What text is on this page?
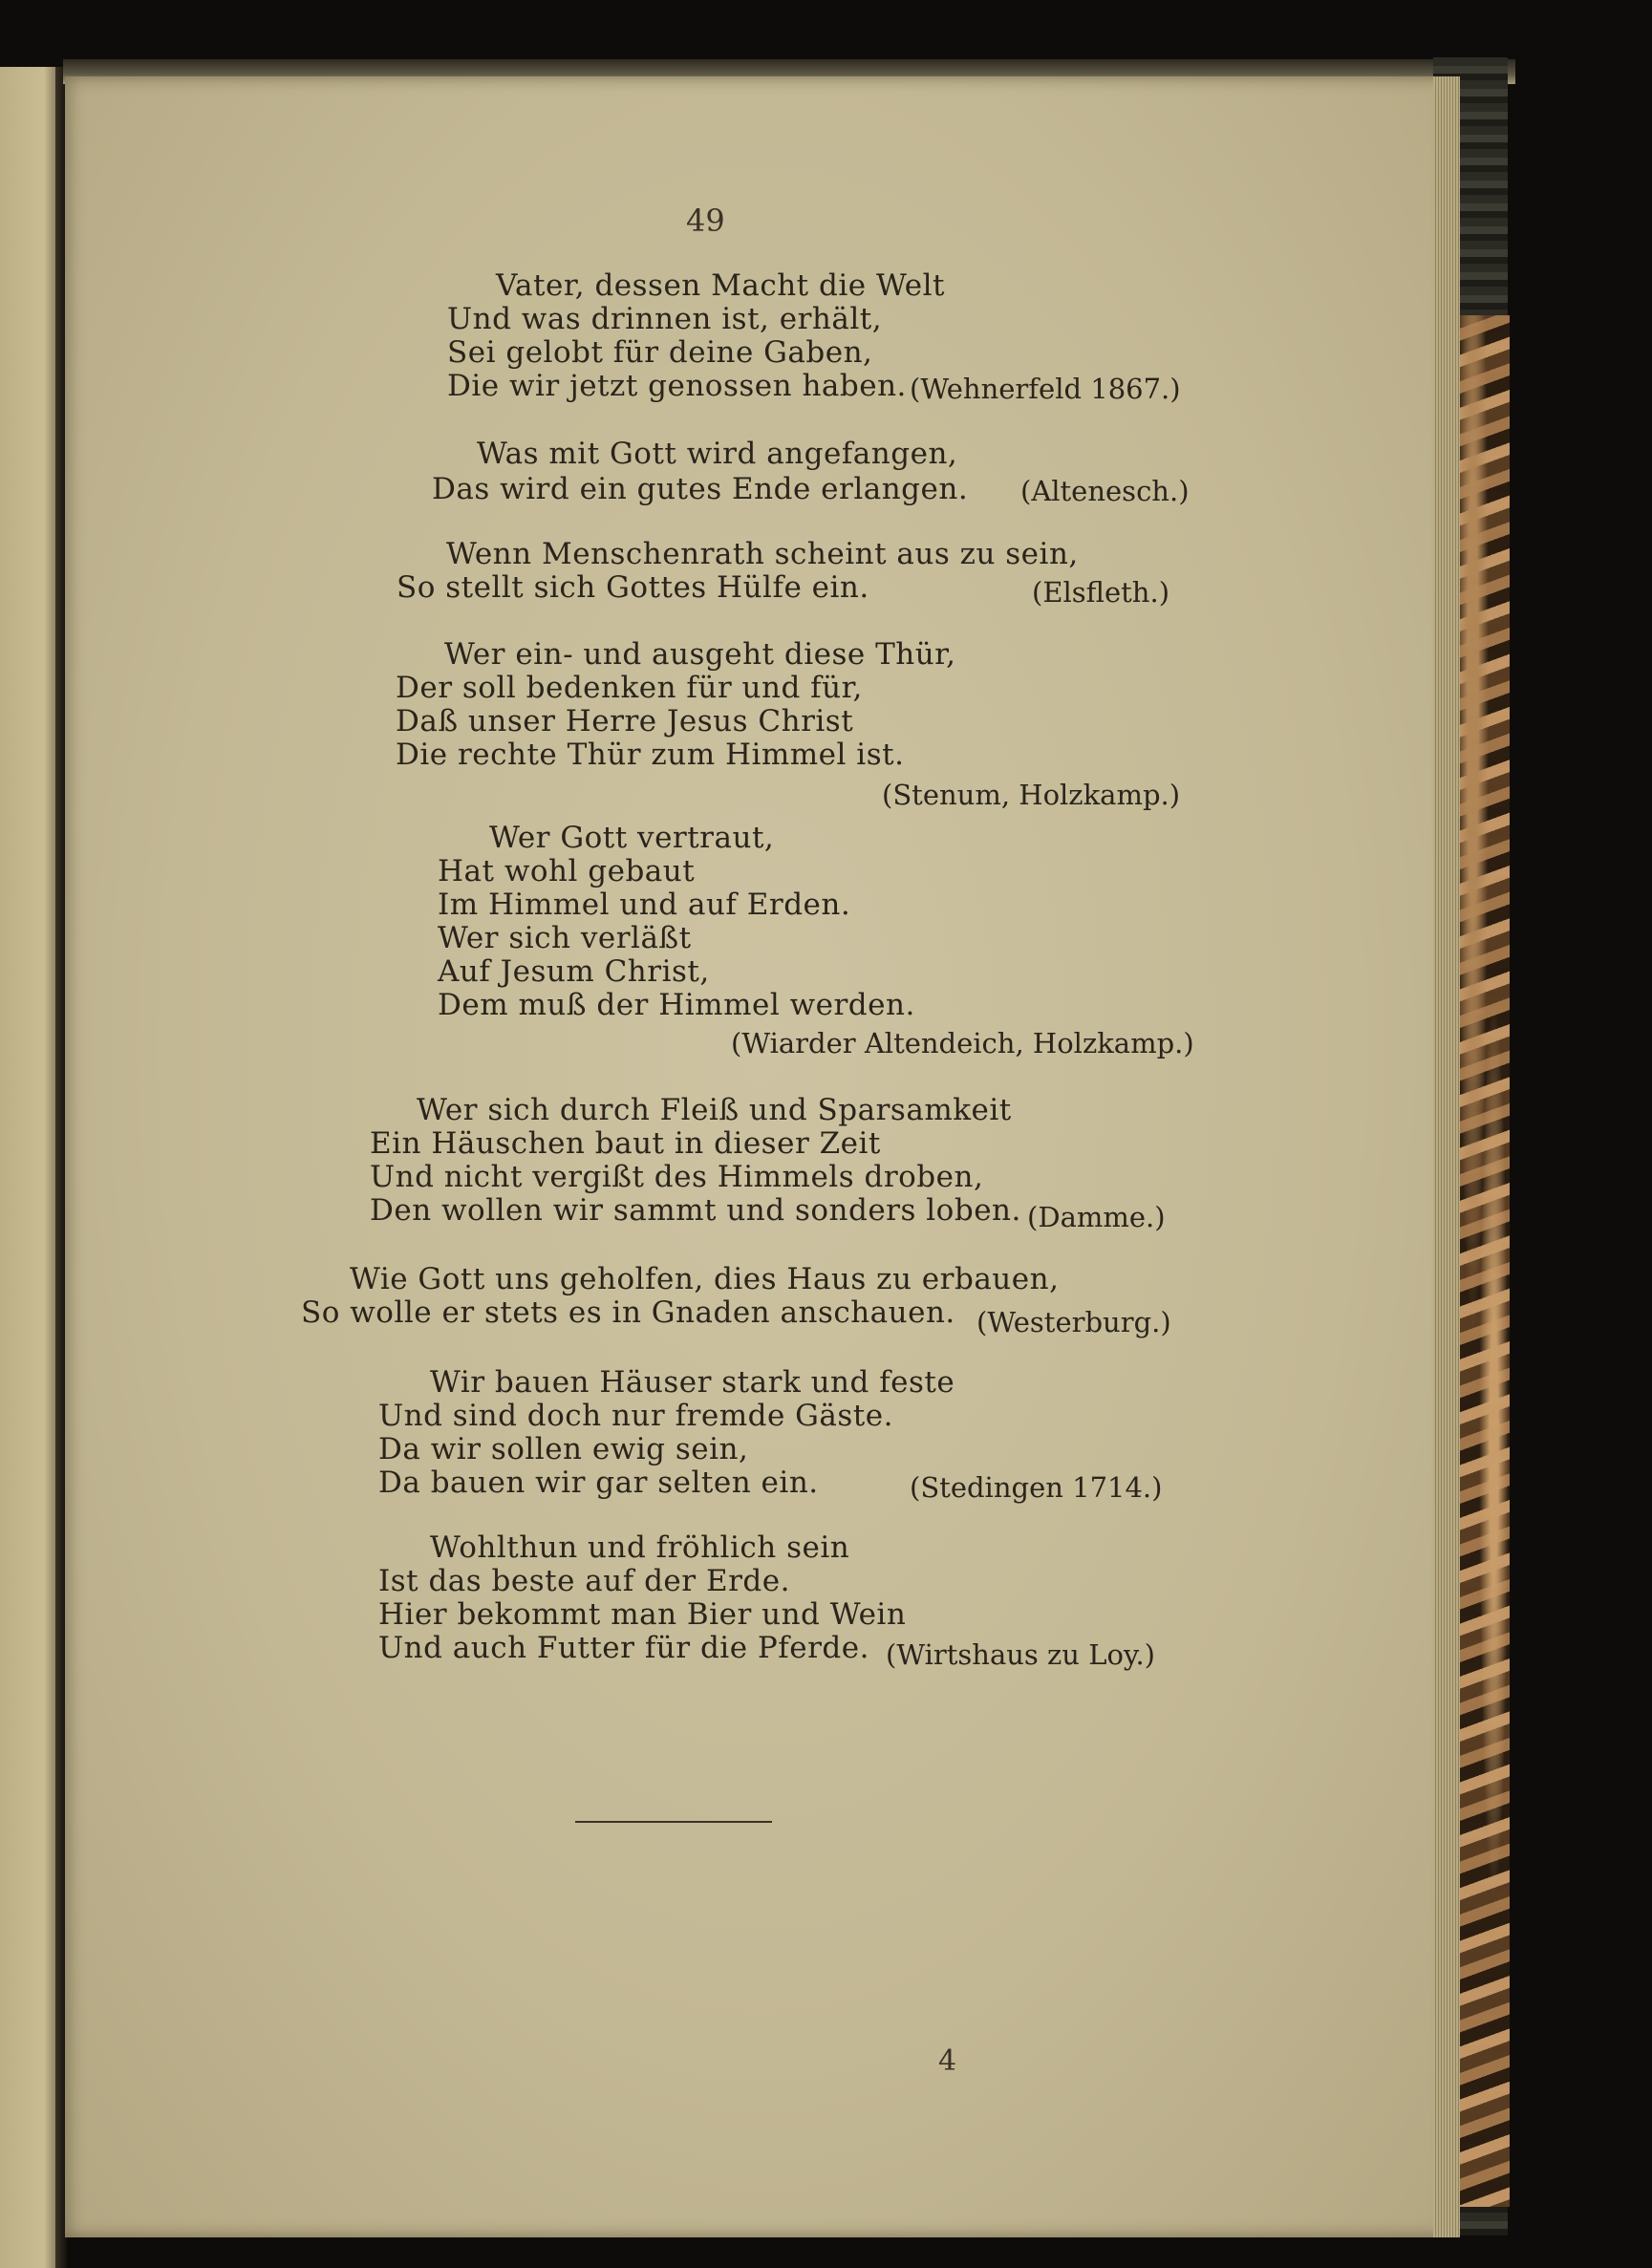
49
Vater, dessen Macht die Welt
Und was drinnen ist, erhält,
Sei gelobt für deine Gaben,
Die wir jetzt genossen haben. (Wehnerfeld 1867.)
Was mit Gott wird angefangen,
Das wird ein gutes Ende erlangen. (Altenesch.)
Wenn Menschenrath scheint aus zu sein,
So stellt sich Gottes Hülfe ein.	(Elsfleth.)
Wer ein- und ausgeht diese Thür,
Der soll bedenken für und für,
Daß unser Herre Jesus Christ
Die rechte Thür zum Himmel ist.
(Stenum, Holzkamp.)
Wer Gott vertraut,
Hat wohl gebaut
Im Himmel und auf Erden.
Wer sich verläßt
Auf Jesum Christ,
Dem muß der Himmel werden.
(Wiarder Altendeich, Holzkamp.)
Wer sich durch Fleiß und Sparsamkeit
Ein Häuschen baut in dieser Zeit
Und nicht vergißt des Himmels droben,
Den wollen wir sammt und sonders loben. (Damme.)
Wie Gott uns geholfen, dies Haus zu erbauen,
So wolle er stets es in Gnaden anschauen. (Westerburg.)
Wir bauen Häuser stark und feste
Und sind doch nur fremde Gäste.
Da wir sollen ewig sein,
Da bauen wir gar selten ein.	(Stedingen 1714.)
Wohlthun und fröhlich sein
Ist das beste auf der Erde.
Hier bekommt man Bier und Wein
Und auch Futter für die Pferde. (Wirtshaus zu Loy.)
4
